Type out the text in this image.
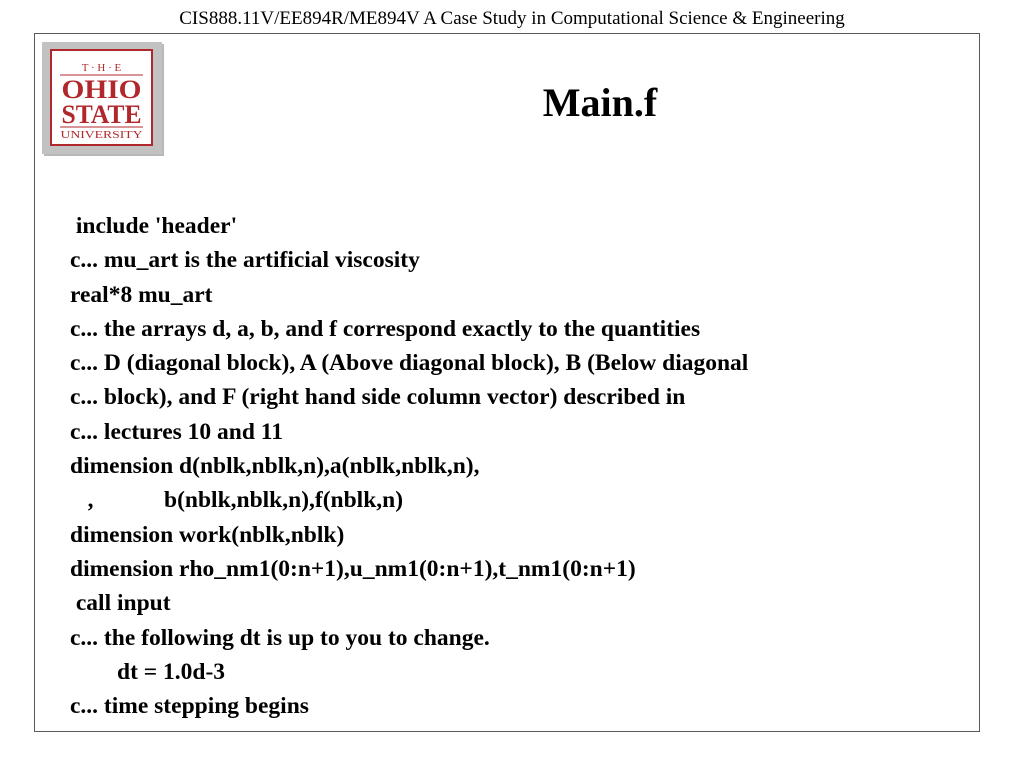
CIS888.11V/EE894R/ME894V A Case Study in Computational Science & Engineering
T · H · E
OHIO
STATE
UNIVERSITY
Main.f
include 'header'
c... mu_art is the artificial viscosity
real*8 mu_art
c... the arrays d, a, b, and f correspond exactly to the quantities
c... D (diagonal block), A (Above diagonal block), B (Below diagonal
c... block), and F (right hand side column vector) described in
c... lectures 10 and 11
dimension d(nblk,nblk,n),a(nblk,nblk,n),
,            b(nblk,nblk,n),f(nblk,n)
dimension work(nblk,nblk)
dimension rho_nm1(0:n+1),u_nm1(0:n+1),t_nm1(0:n+1)
call input
c... the following dt is up to you to change.
dt = 1.0d-3
c... time stepping begins
